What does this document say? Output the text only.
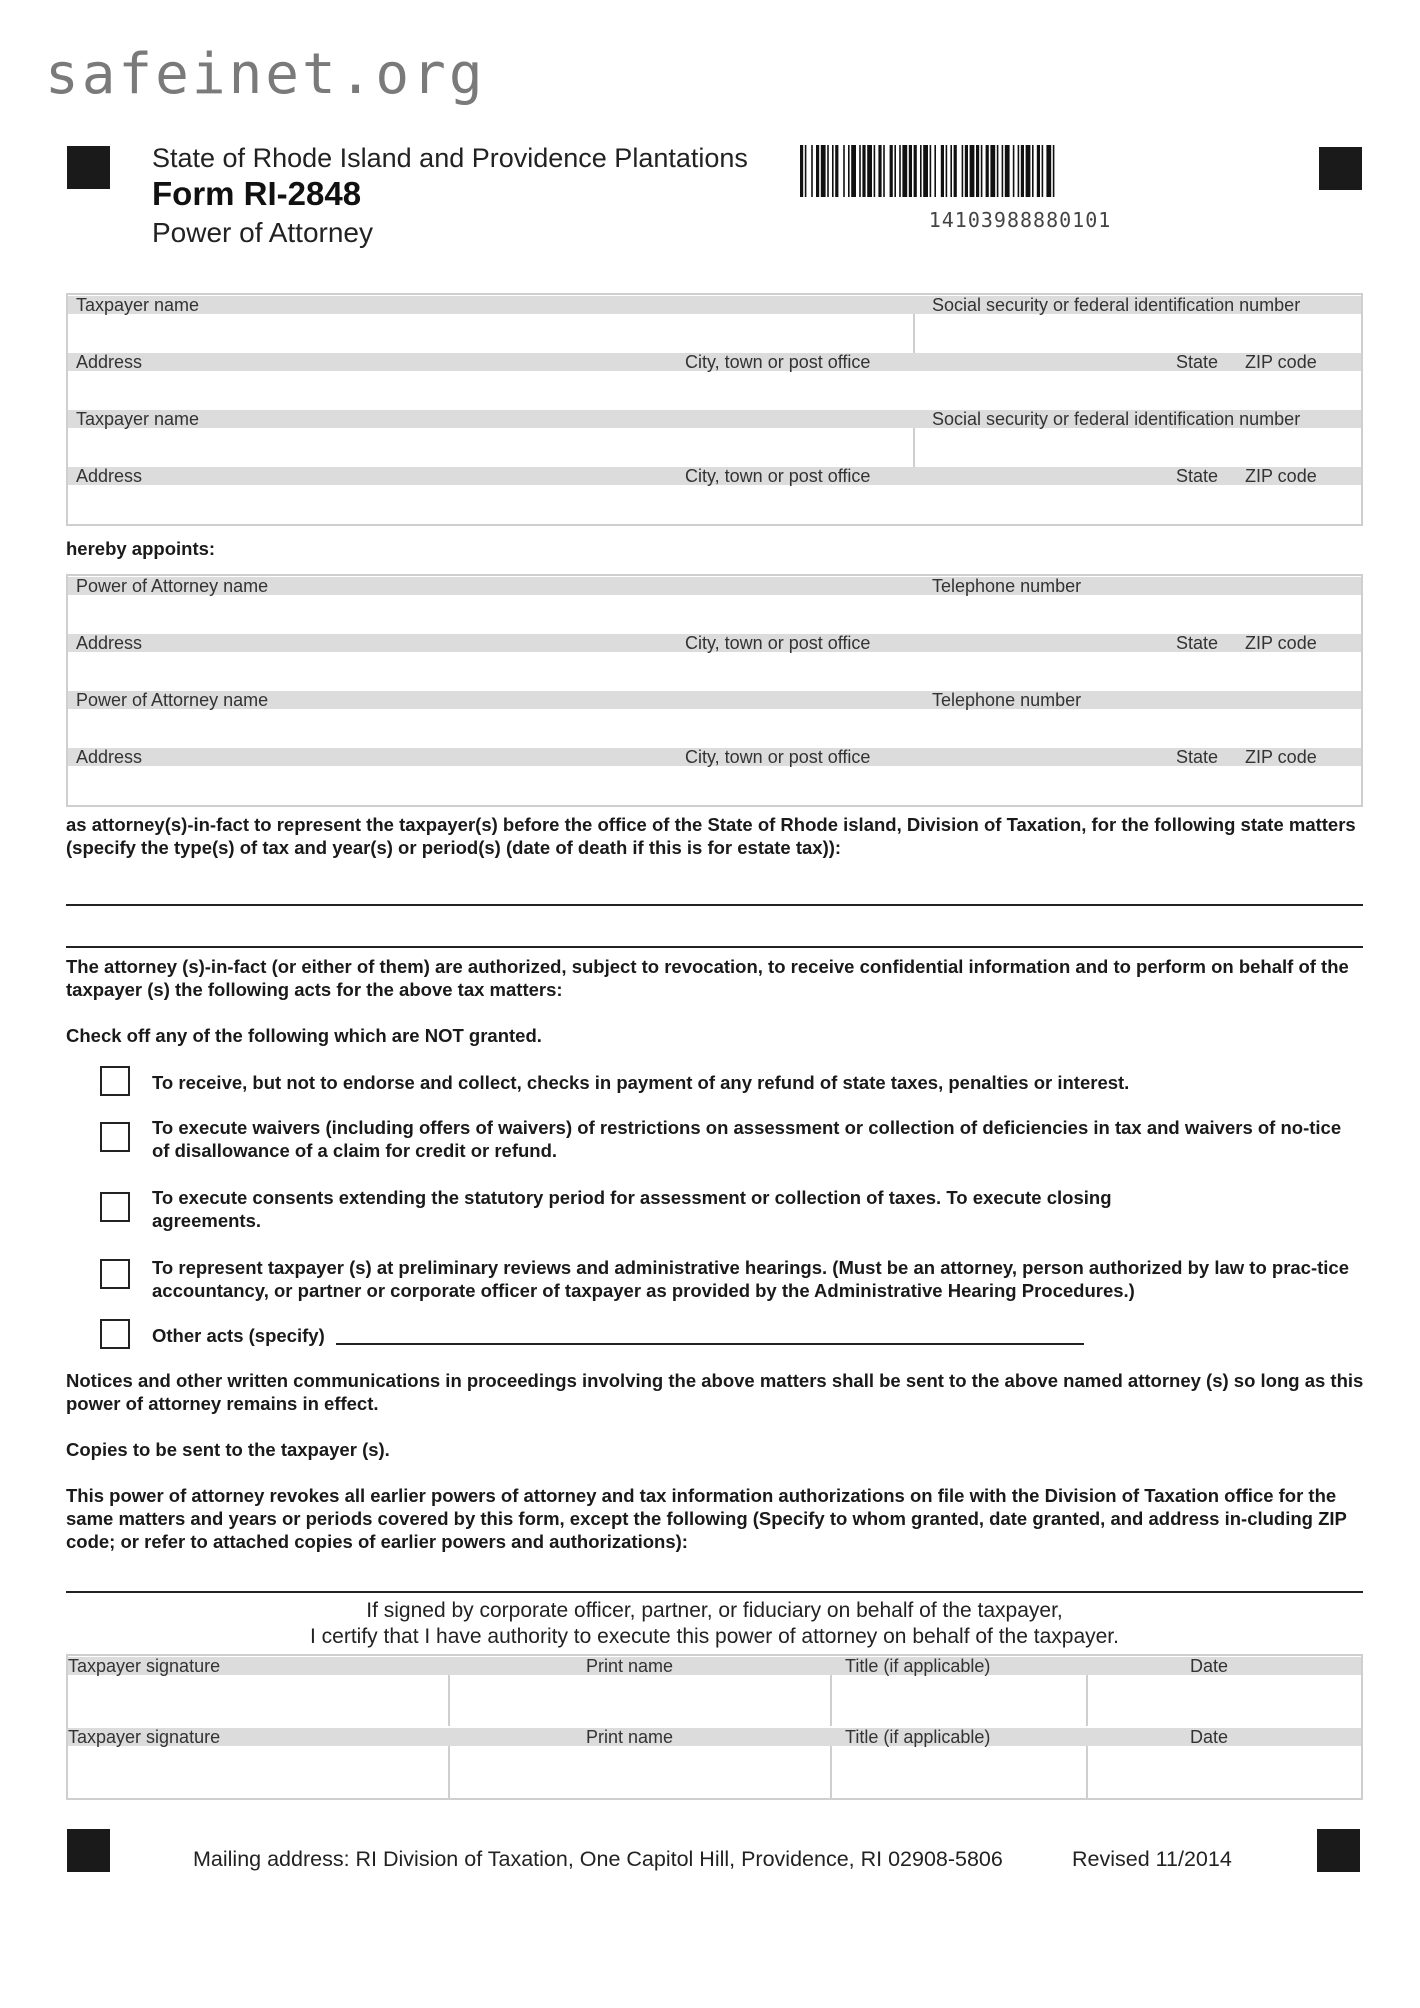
safeinet.org
State of Rhode Island and Providence Plantations
Form RI-2848
Power of Attorney	14103988880101
Taxpayer name	Social security or federal identification number
Address	City, town or post office	State ZIP code
Taxpayer name	Social security or federal identification number
Address	City, town or post office	State ZIP code
hereby appoints:
Power of Attorney name	Telephone number
Address	City, town or post office	State ZIP code
Power of Attorney name	Telephone number
Address	City, town or post office	State ZIP code
as attorney(s)-in-fact to represent the taxpayer(s) before the office of the State of Rhode island, Division of Taxation, for the following state matters (specify the type(s) of tax and year(s) or period(s) (date of death if this is for estate tax)):
The attorney (s)-in-fact (or either of them) are authorized, subject to revocation, to receive confidential information and to perform on behalf of the taxpayer (s) the following acts for the above tax matters:
Check off any of the following which are NOT granted.
To receive, but not to endorse and collect, checks in payment of any refund of state taxes, penalties or interest.
To execute waivers (including offers of waivers) of restrictions on assessment or collection of deficiencies in tax and waivers of no-tice of disallowance of a claim for credit or refund.
To execute consents extending the statutory period for assessment or collection of taxes. To execute closing agreements.
To represent taxpayer (s) at preliminary reviews and administrative hearings. (Must be an attorney, person authorized by law to prac-tice accountancy, or partner or corporate officer of taxpayer as provided by the Administrative Hearing Procedures.)
Other acts (specify)
Notices and other written communications in proceedings involving the above matters shall be sent to the above named attorney (s) so long as this power of attorney remains in effect.
Copies to be sent to the taxpayer (s).
This power of attorney revokes all earlier powers of attorney and tax information authorizations on file with the Division of Taxation office for the same matters and years or periods covered by this form, except the following (Specify to whom granted, date granted, and address in-cluding ZIP code; or refer to attached copies of earlier powers and authorizations):
If signed by corporate officer, partner, or fiduciary on behalf of the taxpayer,
I certify that I have authority to execute this power of attorney on behalf of the taxpayer.
Taxpayer signature	Print name	Title (if applicable)	Date
Taxpayer signature	Print name	Title (if applicable)	Date
Mailing address: RI Division of Taxation, One Capitol Hill, Providence, RI 02908-5806	Revised 11/2014
